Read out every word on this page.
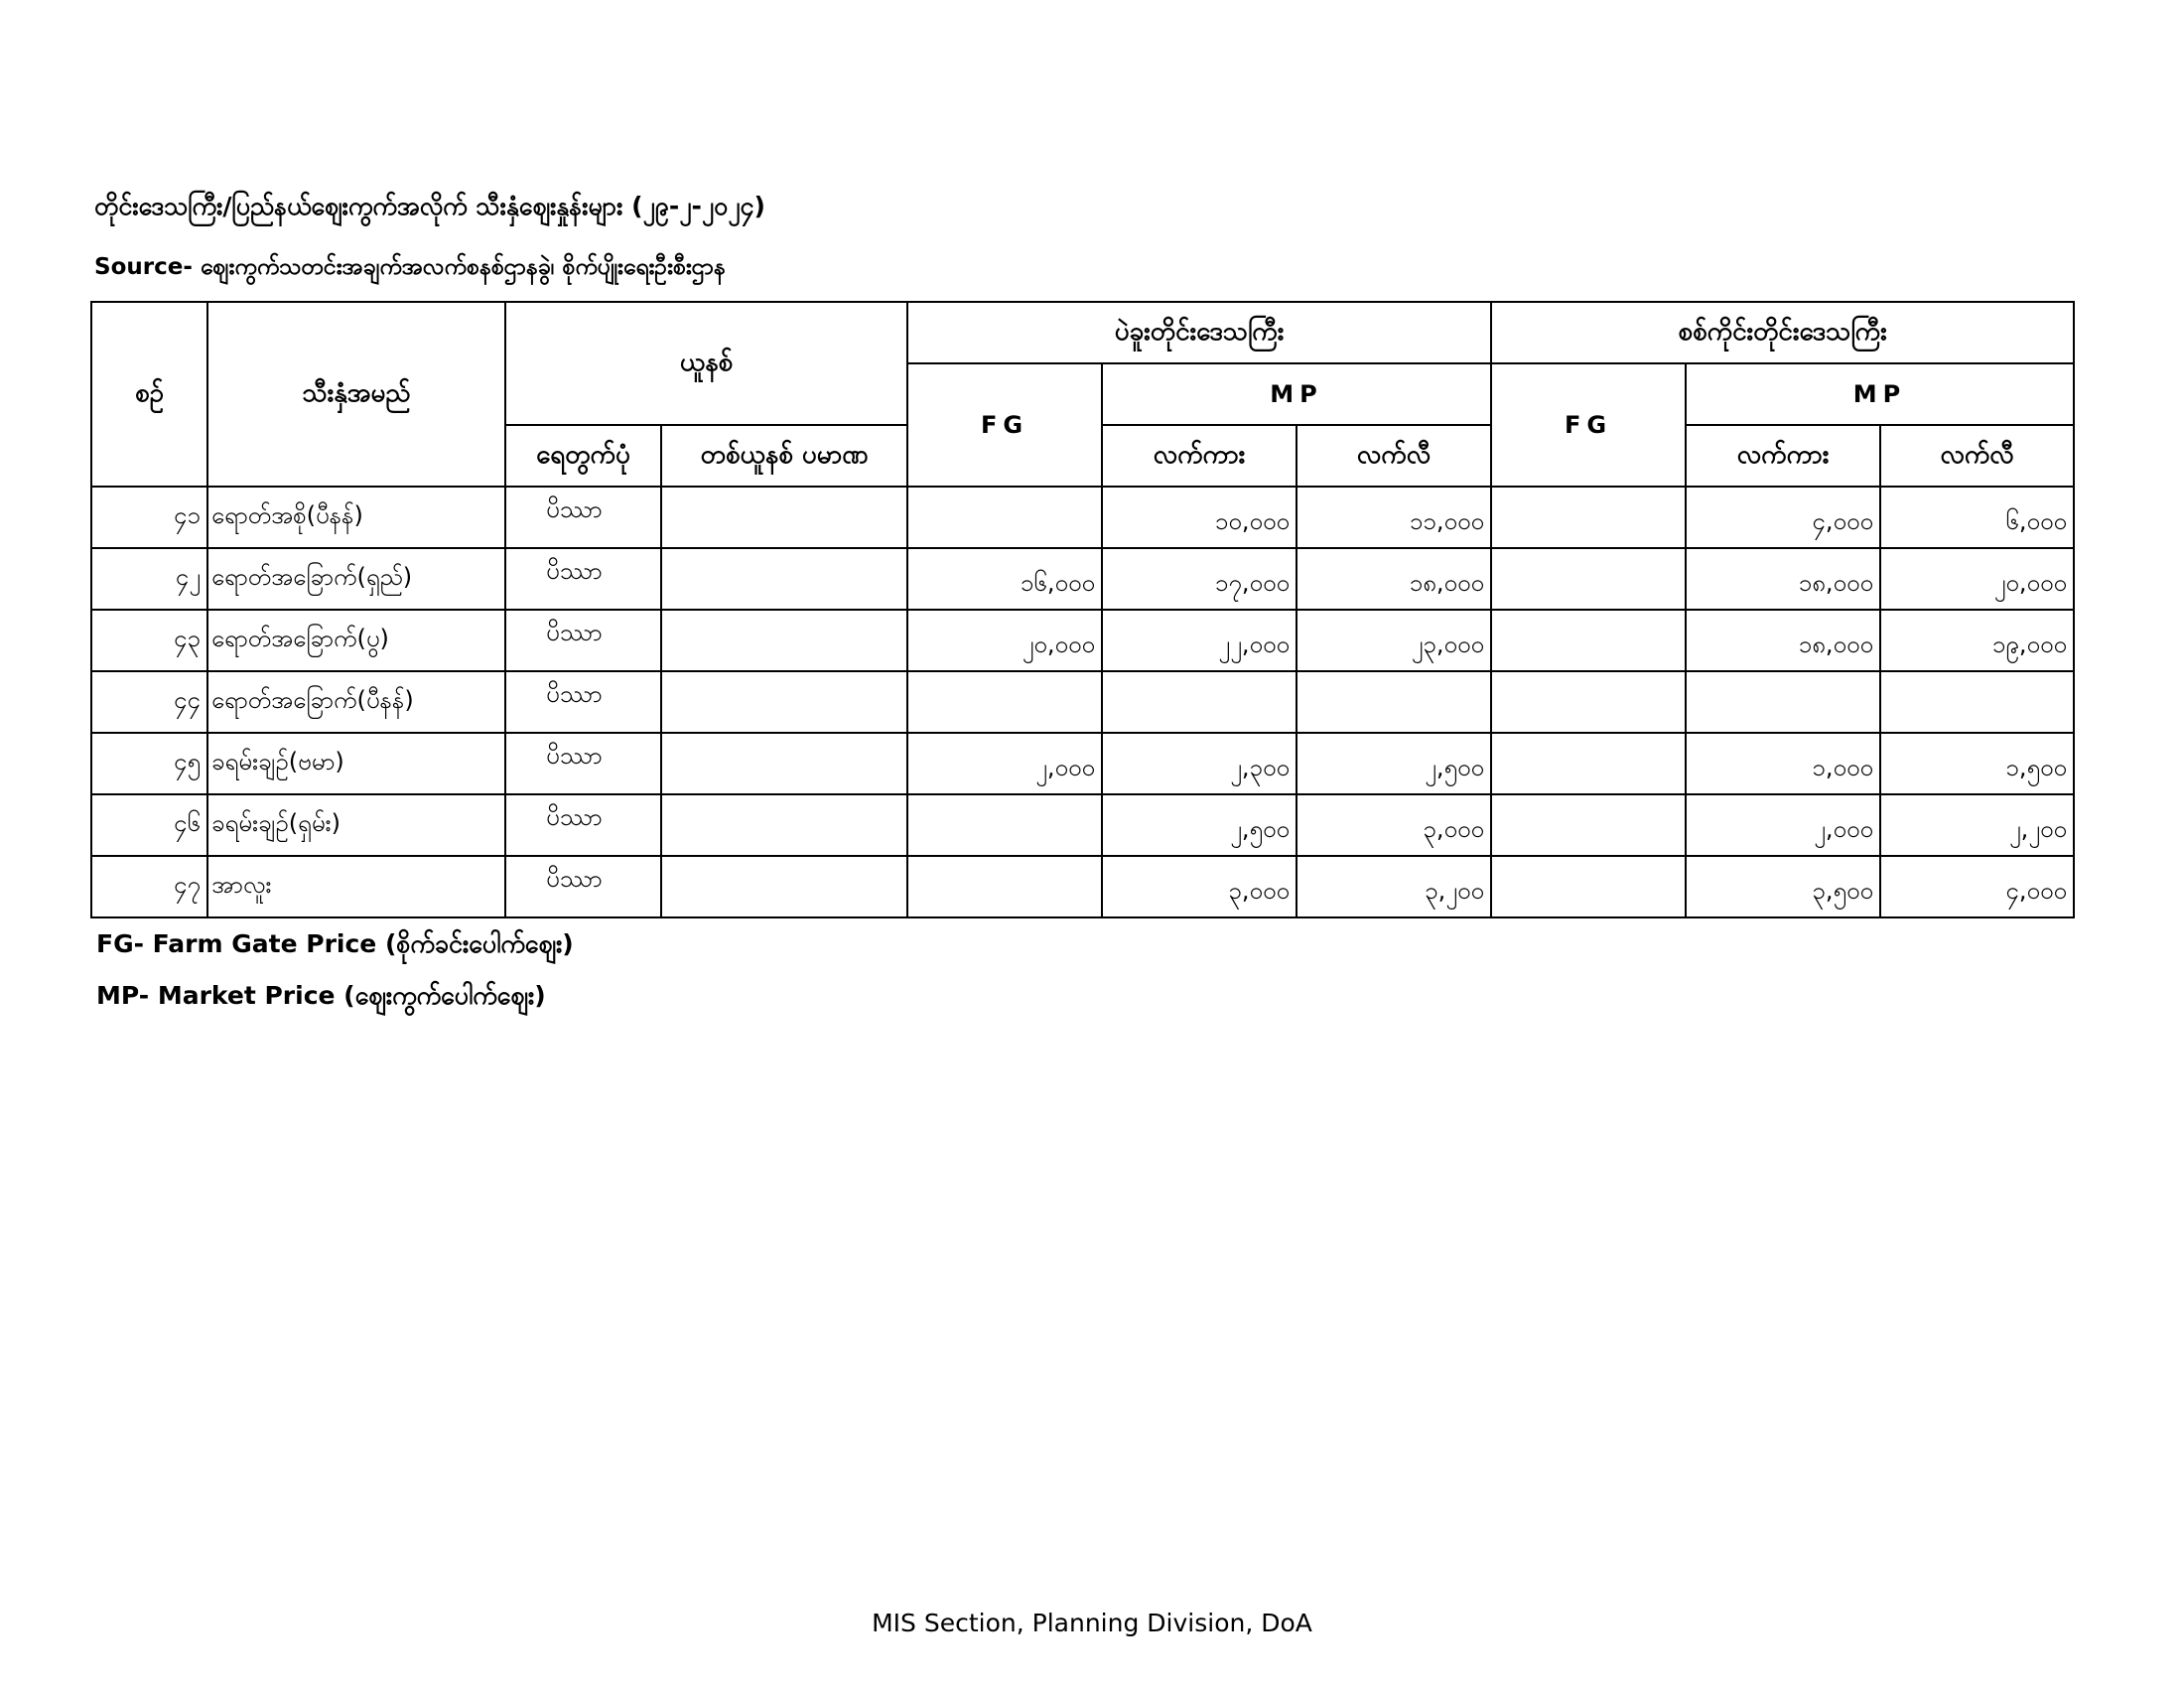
တိုင်းဒေသကြီး/ပြည်နယ်ဈေးကွက်အလိုက် သီးနှံဈေးနှုန်းများ (၂၉-၂-၂၀၂၄)
Source- ဈေးကွက်သတင်းအချက်အလက်စနစ်ဌာနခွဲ၊ စိုက်ပျိုးရေးဦးစီးဌာန
စဉ်	သီးနှံအမည်	ယူနစ်		ပဲခူးတိုင်းဒေသကြီး			စစ်ကိုင်းတိုင်းဒေသကြီး		
				FG	MP		FG	MP	
		ရေတွက်ပုံ	တစ်ယူနစ် ပမာဏ		လက်ကား	လက်လီ		လက်ကား	လက်လီ
၄၁	ရောတ်အစို(ပီနန်)	ပိဿာ			၁၀,၀၀၀	၁၁,၀၀၀		၄,၀၀၀	၆,၀၀၀
၄၂	ရောတ်အခြောက်(ရှည်)	ပိဿာ		၁၆,၀၀၀	၁၇,၀၀၀	၁၈,၀၀၀		၁၈,၀၀၀	၂၀,၀၀၀
၄၃	ရောတ်အခြောက်(ပွ)	ပိဿာ		၂၀,၀၀၀	၂၂,၀၀၀	၂၃,၀၀၀		၁၈,၀၀၀	၁၉,၀၀၀
၄၄	ရောတ်အခြောက်(ပီနန်)	ပိဿာ							
၄၅	ခရမ်းချဉ်(ဗမာ)	ပိဿာ		၂,၀၀၀	၂,၃၀၀	၂,၅၀၀		၁,၀၀၀	၁,၅၀၀
၄၆	ခရမ်းချဉ်(ရှမ်း)	ပိဿာ			၂,၅၀၀	၃,၀၀၀		၂,၀၀၀	၂,၂၀၀
၄၇	အာလူး	ပိဿာ			၃,၀၀၀	၃,၂၀၀		၃,၅၀၀	၄,၀၀၀
FG- Farm Gate Price (စိုက်ခင်းပေါက်ဈေး)
MP- Market Price (ဈေးကွက်ပေါက်ဈေး)
MIS Section, Planning Division, DoA
